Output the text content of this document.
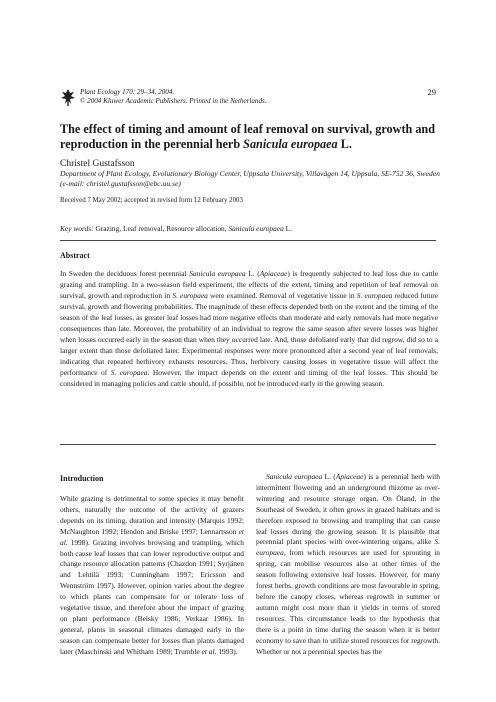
Plant Ecology 170: 29–34, 2004.
© 2004 Kluwer Academic Publishers. Printed in the Netherlands.
29
The effect of timing and amount of leaf removal on survival, growth and reproduction in the perennial herb Sanicula europaea L.
Christel Gustafsson
Department of Plant Ecology, Evolutionary Biology Center, Uppsala University, Villavägen 14, Uppsala, SE-752 36, Sweden (e-mail: christel.gustafsson@ebc.uu.se)
Received 7 May 2002; accepted in revised form 12 February 2003
Key words: Grazing, Leaf removal, Resource allocation, Sanicula europaea L.
Abstract

In Sweden the deciduous forest perennial Sanicula europaea L. (Apiaceae) is frequently subjected to leaf loss due to cattle grazing and trampling. In a two-season field experiment, the effects of the extent, timing and repetition of leaf removal on survival, growth and reproduction in S. europaea were examined. Removal of vegetative tissue in S. europaea reduced future survival, growth and flowering probabilities. The magnitude of these effects depended both on the extent and the timing of the season of the leaf losses, as greater leaf losses had more negative effects than moderate and early removals had more negative consequences than late. Moreover, the probability of an individual to regrow the same season after severe losses was higher when losses occurred early in the season than when they occurred late. And, those defoliated early that did regrow, did so to a larger extent than those defoliated later. Experimental responses were more pronounced after a second year of leaf removals, indicating that repeated herbivory exhausts resources. Thus, herbivory causing losses in vegetative tissue will affect the performance of S. europaea. However, the impact depends on the extent and timing of the leaf losses. This should be considered in managing policies and cattle should, if possible, not be introduced early in the growing season.

Introduction

While grazing is detrimental to some species it may benefit others, naturally the outcome of the activity of grazers depends on its timing, duration and intensity (Marquis 1992; McNaughton 1992; Hendon and Briske 1997; Lennartsson et al. 1998). Grazing involves browsing and trampling, which both cause leaf losses that can lower reproductive output and change resource allocation patterns (Chazdon 1991; Syrjänen and Lehtilä 1993; Cunningham 1997; Ericsson and Wennström 1997). However, opinion varies about the degree to which plants can compensate for or tolerate loss of vegetative tissue, and therefore about the impact of grazing on plant performance (Belsky 1986; Verkaar 1986). In general, plants in seasonal climates damaged early in the season can compensate better for losses than plants damaged later (Maschinski and Whitham 1989; Trumble et al. 1993).

Sanicula europaea L. (Apiaceae) is a perennial herb with intermittent flowering and an underground rhizome as over-wintering and resource storage organ. On Öland, in the Southeast of Sweden, it often grows in grazed habitats and is therefore exposed to browsing and trampling that can cause leaf losses during the growing season. It is plausible that perennial plant species with over-wintering organs, alike S. europaea, from which resources are used for sprouting in spring, can mobilise resources also at other times of the season following extensive leaf losses. However, for many forest herbs, growth conditions are most favourable in spring, before the canopy closes, whereas regrowth in summer or autumn might cost more than it yields in terms of stored resources. This circumstance leads to the hypothesis that there is a point in time during the season when it is better economy to save than to utilize stored resources for regrowth. Whether or not a perennial species has the
